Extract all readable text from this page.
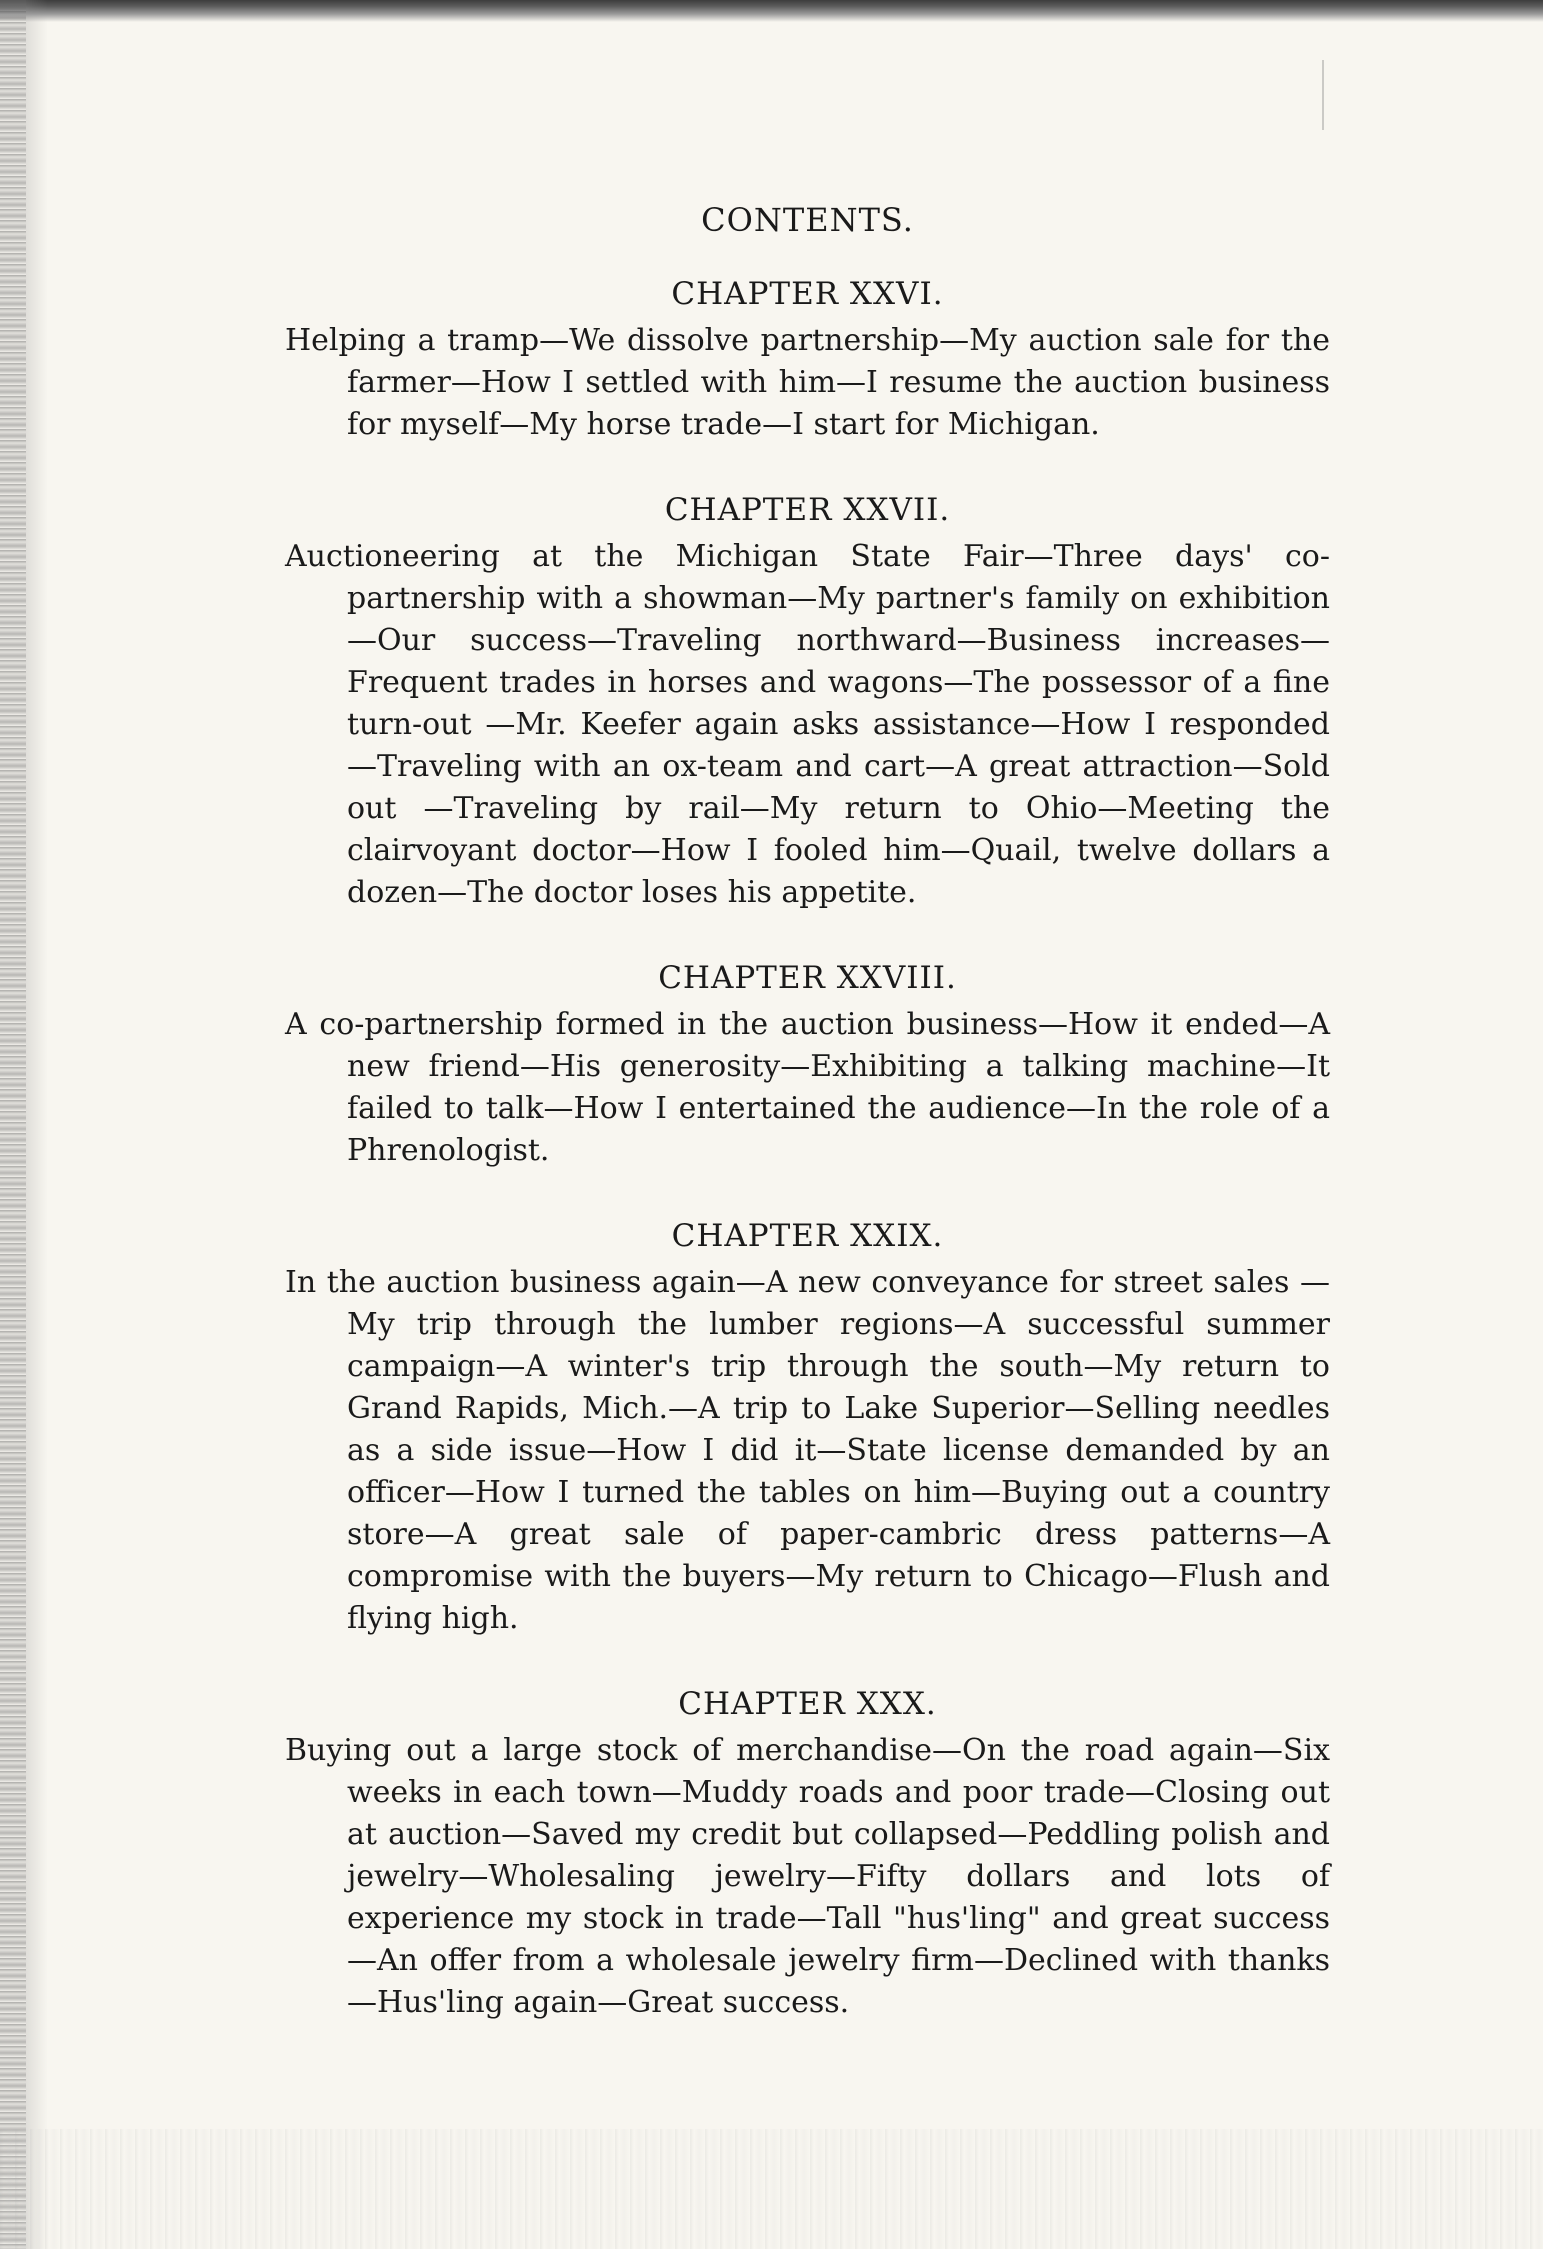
CONTENTS.
CHAPTER XXVI.

Helping a tramp—We dissolve partnership—My auction sale for the farmer—How I settled with him—I resume the auction business for myself—My horse trade—I start for Michigan.

CHAPTER XXVII.

Auctioneering at the Michigan State Fair—Three days' co-partnership with a showman—My partner's family on exhibition—Our success—Traveling northward—Business increases—Frequent trades in horses and wagons—The possessor of a fine turn-out —Mr. Keefer again asks assistance—How I responded—Traveling with an ox-team and cart—A great attraction—Sold out —Traveling by rail—My return to Ohio—Meeting the clairvoyant doctor—How I fooled him—Quail, twelve dollars a dozen—The doctor loses his appetite.

CHAPTER XXVIII.

A co-partnership formed in the auction business—How it ended—A new friend—His generosity—Exhibiting a talking machine—It failed to talk—How I entertained the audience—In the role of a Phrenologist.

CHAPTER XXIX.

In the auction business again—A new conveyance for street sales —My trip through the lumber regions—A successful summer campaign—A winter's trip through the south—My return to Grand Rapids, Mich.—A trip to Lake Superior—Selling needles as a side issue—How I did it—State license demanded by an officer—How I turned the tables on him—Buying out a country store—A great sale of paper-cambric dress patterns—A compromise with the buyers—My return to Chicago—Flush and flying high.

CHAPTER XXX.

Buying out a large stock of merchandise—On the road again—Six weeks in each town—Muddy roads and poor trade—Closing out at auction—Saved my credit but collapsed—Peddling polish and jewelry—Wholesaling jewelry—Fifty dollars and lots of experience my stock in trade—Tall "hus'ling" and great success—An offer from a wholesale jewelry firm—Declined with thanks—Hus'ling again—Great success.
